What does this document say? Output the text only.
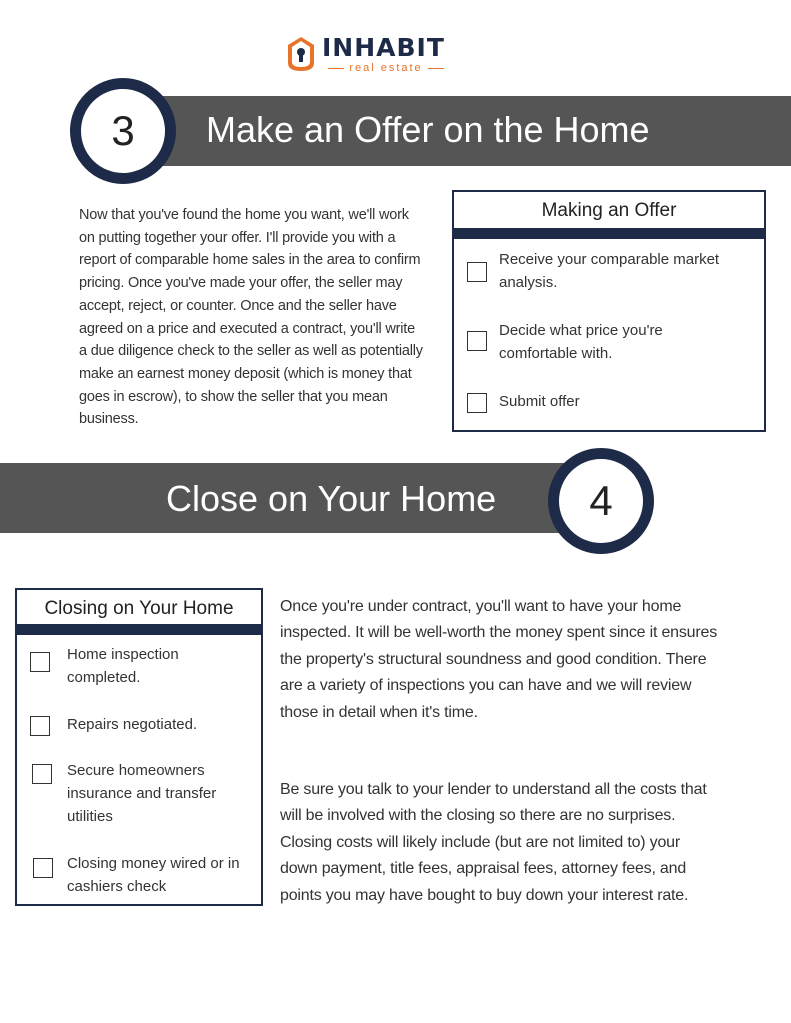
INHABIT
real estate
Make an Offer on the Home
3
Now that you've found the home you want, we'll work on putting together your offer. I'll provide you with a report of comparable home sales in the area to confirm pricing. Once you've made your offer, the seller may accept, reject, or counter. Once and the seller have agreed on a price and executed a contract, you'll write a due diligence check to the seller as well as potentially make an earnest money deposit (which is money that goes in escrow), to show the seller that you mean business.
Making an Offer
Receive your comparable market analysis.
Decide what price you're comfortable with.
Submit offer
Close on Your Home	4
Closing on Your Home
Home inspection completed.
Repairs negotiated.
Secure homeowners insurance and transfer utilities
Closing money wired or in cashiers check
Once you're under contract, you'll want to have your home inspected. It will be well-worth the money spent since it ensures the property's structural soundness and good condition. There are a variety of inspections you can have and we will review those in detail when it's time.
Be sure you talk to your lender to understand all the costs that will be involved with the closing so there are no surprises. Closing costs will likely include (but are not limited to) your down payment, title fees, appraisal fees, attorney fees, and points you may have bought to buy down your interest rate.
